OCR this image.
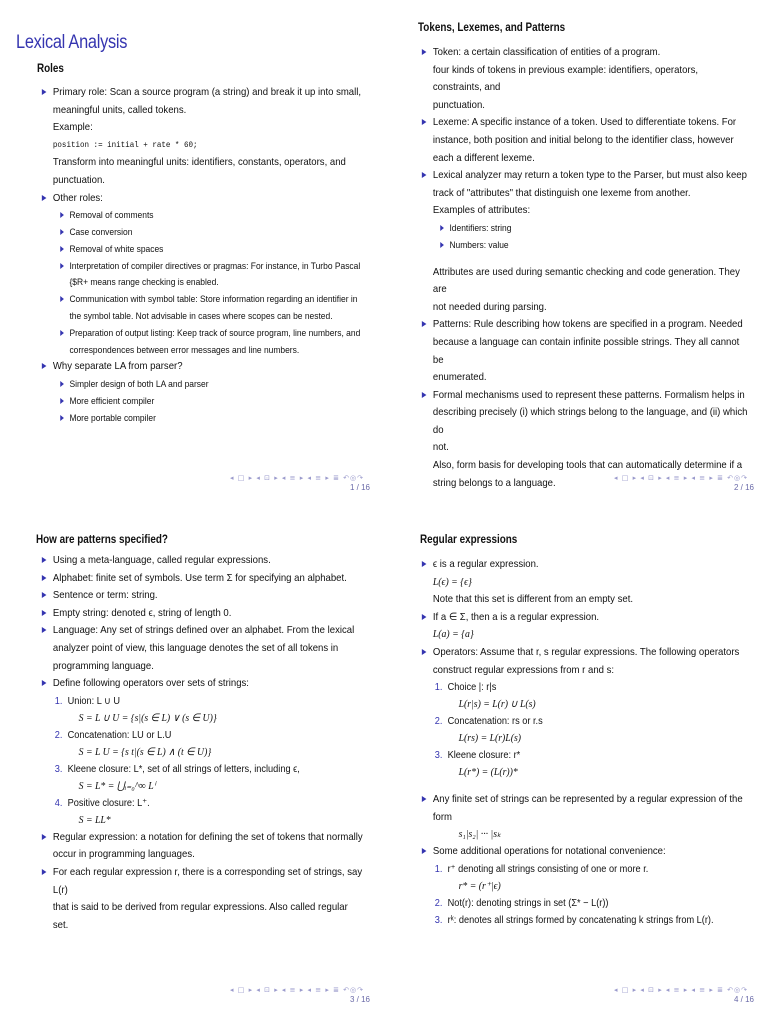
Lexical Analysis
Roles
Primary role: Scan a source program (a string) and break it up into small,
meaningful units, called tokens.
Example:
position := initial + rate * 60;
Transform into meaningful units: identifiers, constants, operators, and
punctuation.
Other roles:
Removal of comments
Case conversion
Removal of white spaces
Interpretation of compiler directives or pragmas: For instance, in Turbo Pascal
{$R+ means range checking is enabled.
Communication with symbol table: Store information regarding an identifier in
the symbol table. Not advisable in cases where scopes can be nested.
Preparation of output listing: Keep track of source program, line numbers, and
correspondences between error messages and line numbers.
Why separate LA from parser?
Simpler design of both LA and parser
More efficient compiler
More portable compiler
◂ □ ▸ ◂ ⊡ ▸ ◂ ≡ ▸ ◂ ≡ ▸ ≣ ↶◎↷
1 / 16
Tokens, Lexemes, and Patterns
Token: a certain classification of entities of a program.
four kinds of tokens in previous example: identifiers, operators, constraints, and
punctuation.
Lexeme: A specific instance of a token. Used to differentiate tokens. For
instance, both position and initial belong to the identifier class, however
each a different lexeme.
Lexical analyzer may return a token type to the Parser, but must also keep
track of "attributes" that distinguish one lexeme from another.
Examples of attributes:
Identifiers: string
Numbers: value
Attributes are used during semantic checking and code generation. They are
not needed during parsing.
Patterns: Rule describing how tokens are specified in a program. Needed
because a language can contain infinite possible strings. They all cannot be
enumerated.
Formal mechanisms used to represent these patterns. Formalism helps in
describing precisely (i) which strings belong to the language, and (ii) which do
not.
Also, form basis for developing tools that can automatically determine if a
string belongs to a language.	◂ □ ▸ ◂ ⊡ ▸ ◂ ≡ ▸ ◂ ≡ ▸ ≣ ↶◎↷
2 / 16
How are patterns specified?
Using a meta-language, called regular expressions.
Alphabet: finite set of symbols. Use term Σ for specifying an alphabet.
Sentence or term: string.
Empty string: denoted ϵ, string of length 0.
Language: Any set of strings defined over an alphabet. From the lexical
analyzer point of view, this language denotes the set of all tokens in
programming language.
Define following operators over sets of strings:
1. Union: L ∪ U
S = L ∪ U = {s|(s ∈ L) ∨ (s ∈ U)}
2. Concatenation: LU or L.U
S = L U = {s t|(s ∈ L) ∧ (t ∈ U)}
3. Kleene closure: L*, set of all strings of letters, including ϵ,
S = L* = ⋃ᵢ₌₀^∞ Lⁱ
4. Positive closure: L⁺.
S = LL*
Regular expression: a notation for defining the set of tokens that normally
occur in programming languages.
For each regular expression r, there is a corresponding set of strings, say L(r)
that is said to be derived from regular expressions. Also called regular set.
◂ □ ▸ ◂ ⊡ ▸ ◂ ≡ ▸ ◂ ≡ ▸ ≣ ↶◎↷
3 / 16
Regular expressions
ϵ is a regular expression.
L(ϵ) = {ϵ}
Note that this set is different from an empty set.
If a ∈ Σ, then a is a regular expression.
L(a) = {a}
Operators: Assume that r, s regular expressions. The following operators
construct regular expressions from r and s:
1. Choice |: r|s
L(r|s) = L(r) ∪ L(s)
2. Concatenation: rs or r.s
L(rs) = L(r)L(s)
3. Kleene closure: r*
L(r*) = (L(r))*
Any finite set of strings can be represented by a regular expression of the form
s₁|s₂| ··· |sₖ
Some additional operations for notational convenience:
1. r⁺ denoting all strings consisting of one or more r.
r* = (r⁺|ϵ)
2. Not(r): denoting strings in set (Σ* − L(r))
3. rᵏ: denotes all strings formed by concatenating k strings from L(r).
◂ □ ▸ ◂ ⊡ ▸ ◂ ≡ ▸ ◂ ≡ ▸ ≣ ↶◎↷
4 / 16
